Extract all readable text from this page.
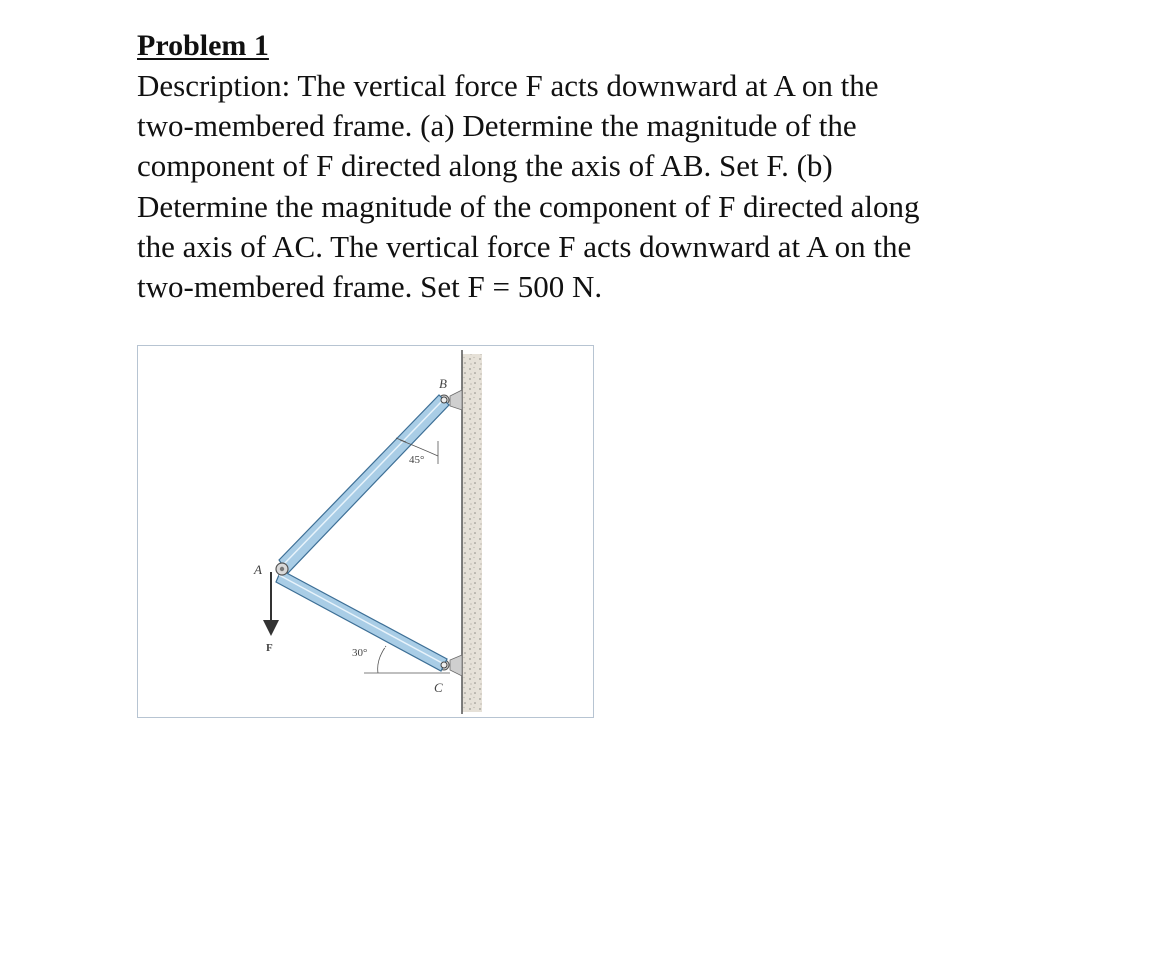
Problem 1

Description: The vertical force F acts downward at A on the
two-membered frame. (a) Determine the magnitude of the
component of F directed along the axis of AB. Set F. (b)
Determine the magnitude of the component of F directed along
the axis of AC. The vertical force F acts downward at A on the
two-membered frame. Set F = 500 N.

B
A
C
F
45°
30°
